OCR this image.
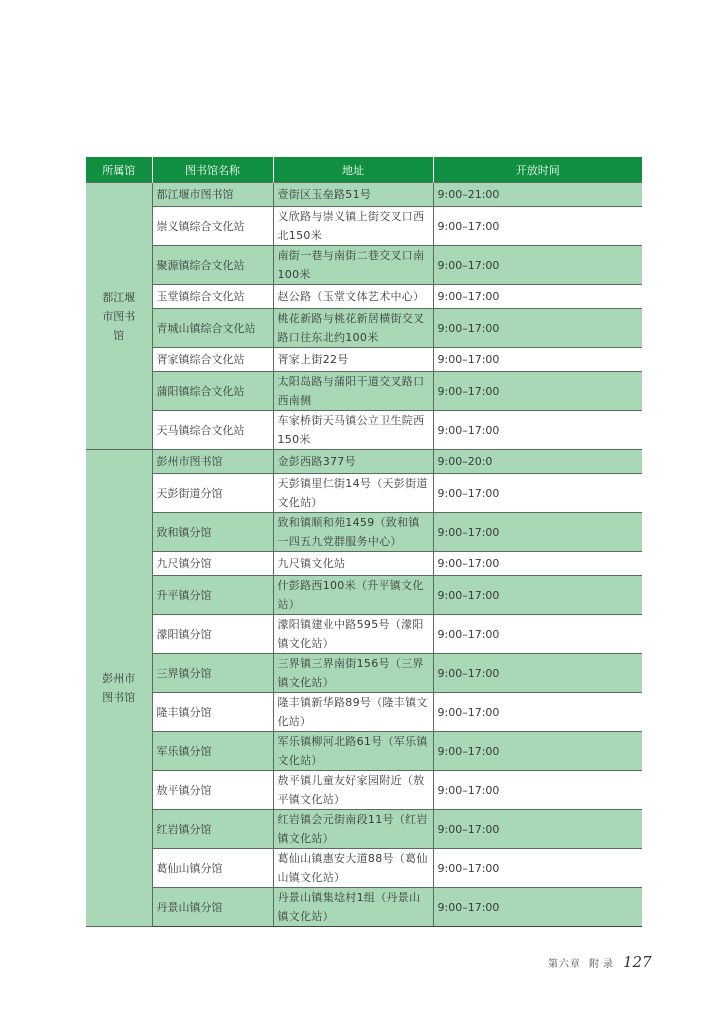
所属馆	图书馆名称	地址	开放时间
都江堰市图书馆	都江堰市图书馆	壹街区玉垒路51号	9:00–21:00
	崇义镇综合文化站	义欣路与崇义镇上街交叉口西北150米	9:00–17:00
	聚源镇综合文化站	南街一巷与南街二巷交叉口南100米	9:00–17:00
	玉堂镇综合文化站	赵公路（玉堂文体艺术中心）	9:00–17:00
	青城山镇综合文化站	桃花新路与桃花新居横街交叉路口往东北约100米	9:00–17:00
	胥家镇综合文化站	胥家上街22号	9:00–17:00
	蒲阳镇综合文化站	太阳岛路与蒲阳干道交叉路口西南侧	9:00–17:00
	天马镇综合文化站	车家桥街天马镇公立卫生院西150米	9:00–17:00
彭州市图书馆	彭州市图书馆	金彭西路377号	9:00–20:0
	天彭街道分馆	天彭镇里仁街14号（天彭街道文化站）	9:00–17:00
	致和镇分馆	致和镇顺和苑1459（致和镇一四五九党群服务中心）	9:00–17:00
	九尺镇分馆	九尺镇文化站	9:00–17:00
	升平镇分馆	什彭路西100米（升平镇文化站）	9:00–17:00
	濛阳镇分馆	濛阳镇建业中路595号（濛阳镇文化站）	9:00–17:00
	三界镇分馆	三界镇三界南街156号（三界镇文化站）	9:00–17:00
	隆丰镇分馆	隆丰镇新华路89号（隆丰镇文化站）	9:00–17:00
	军乐镇分馆	军乐镇柳河北路61号（军乐镇文化站）	9:00–17:00
	敖平镇分馆	敖平镇儿童友好家园附近（敖平镇文化站）	9:00–17:00
	红岩镇分馆	红岩镇会元街南段11号（红岩镇文化站）	9:00–17:00
	葛仙山镇分馆	葛仙山镇惠安大道88号（葛仙山镇文化站）	9:00–17:00
	丹景山镇分馆	丹景山镇集埝村1组（丹景山镇文化站）	9:00–17:00
第六章 附录 127
